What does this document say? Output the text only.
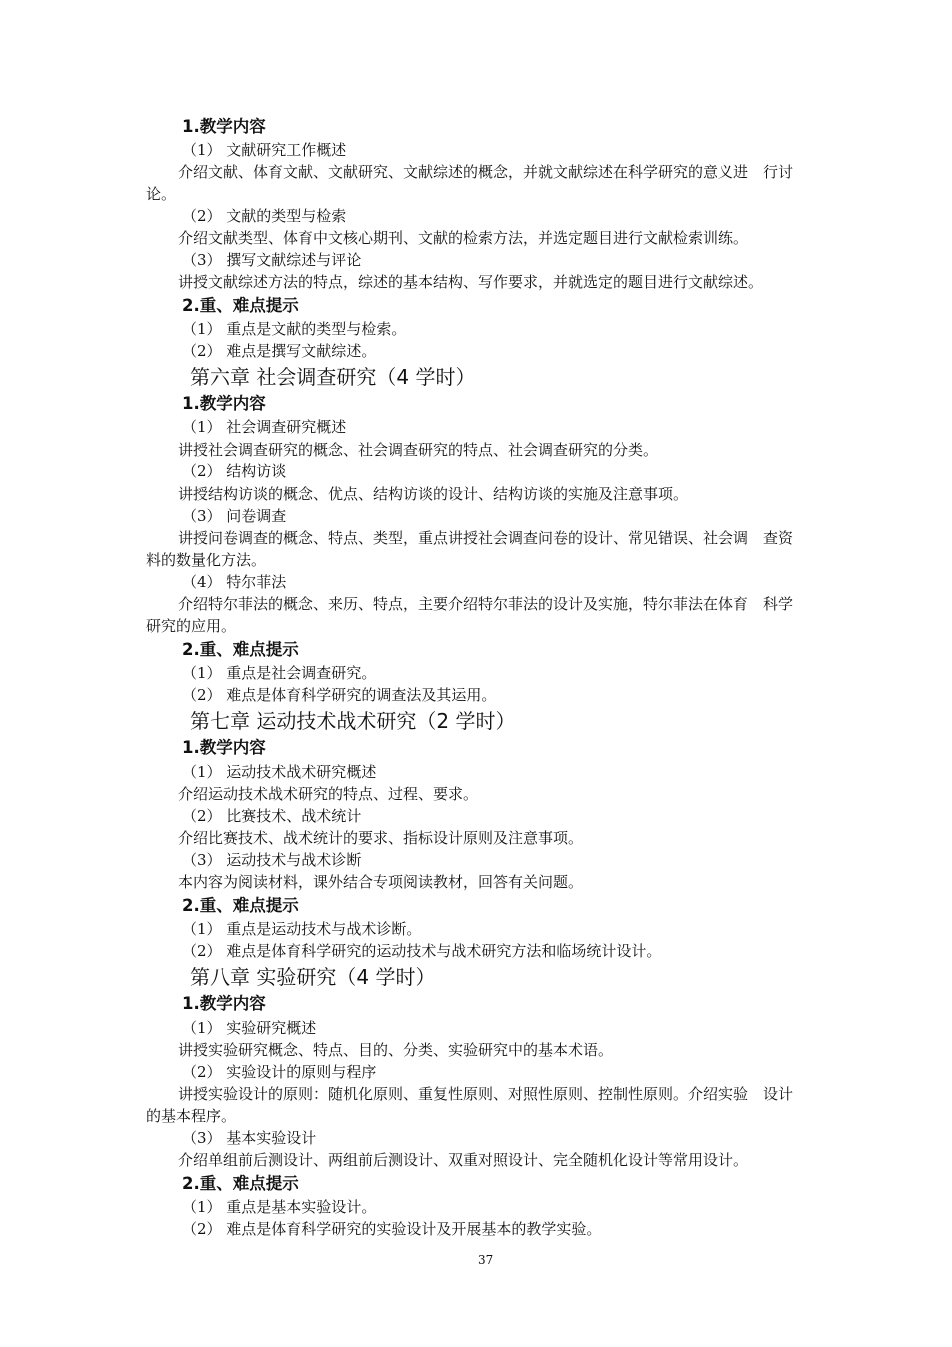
1.教学内容
（1） 文献研究工作概述
介绍文献、体育文献、文献研究、文献综述的概念，并就文献综述在科学研究的意义进　行讨
论。
（2） 文献的类型与检索
介绍文献类型、体育中文核心期刊、文献的检索方法，并选定题目进行文献检索训练。
（3） 撰写文献综述与评论
讲授文献综述方法的特点，综述的基本结构、写作要求，并就选定的题目进行文献综述。
2.重、难点提示
（1） 重点是文献的类型与检索。
（2） 难点是撰写文献综述。
第六章 社会调查研究（4 学时）
1.教学内容
（1） 社会调查研究概述
讲授社会调查研究的概念、社会调查研究的特点、社会调查研究的分类。
（2） 结构访谈
讲授结构访谈的概念、优点、结构访谈的设计、结构访谈的实施及注意事项。
（3） 问卷调查
讲授问卷调查的概念、特点、类型，重点讲授社会调查问卷的设计、常见错误、社会调　查资
料的数量化方法。
（4） 特尔菲法
介绍特尔菲法的概念、来历、特点，主要介绍特尔菲法的设计及实施，特尔菲法在体育　科学
研究的应用。
2.重、难点提示
（1） 重点是社会调查研究。
（2） 难点是体育科学研究的调查法及其运用。
第七章 运动技术战术研究（2 学时）
1.教学内容
（1） 运动技术战术研究概述
介绍运动技术战术研究的特点、过程、要求。
（2） 比赛技术、战术统计
介绍比赛技术、战术统计的要求、指标设计原则及注意事项。
（3） 运动技术与战术诊断
本内容为阅读材料，课外结合专项阅读教材，回答有关问题。
2.重、难点提示
（1） 重点是运动技术与战术诊断。
（2） 难点是体育科学研究的运动技术与战术研究方法和临场统计设计。
第八章 实验研究（4 学时）
1.教学内容
（1） 实验研究概述
讲授实验研究概念、特点、目的、分类、实验研究中的基本术语。
（2） 实验设计的原则与程序
讲授实验设计的原则：随机化原则、重复性原则、对照性原则、控制性原则。介绍实验　设计
的基本程序。
（3） 基本实验设计
介绍单组前后测设计、两组前后测设计、双重对照设计、完全随机化设计等常用设计。
2.重、难点提示
（1） 重点是基本实验设计。
（2） 难点是体育科学研究的实验设计及开展基本的教学实验。
37
